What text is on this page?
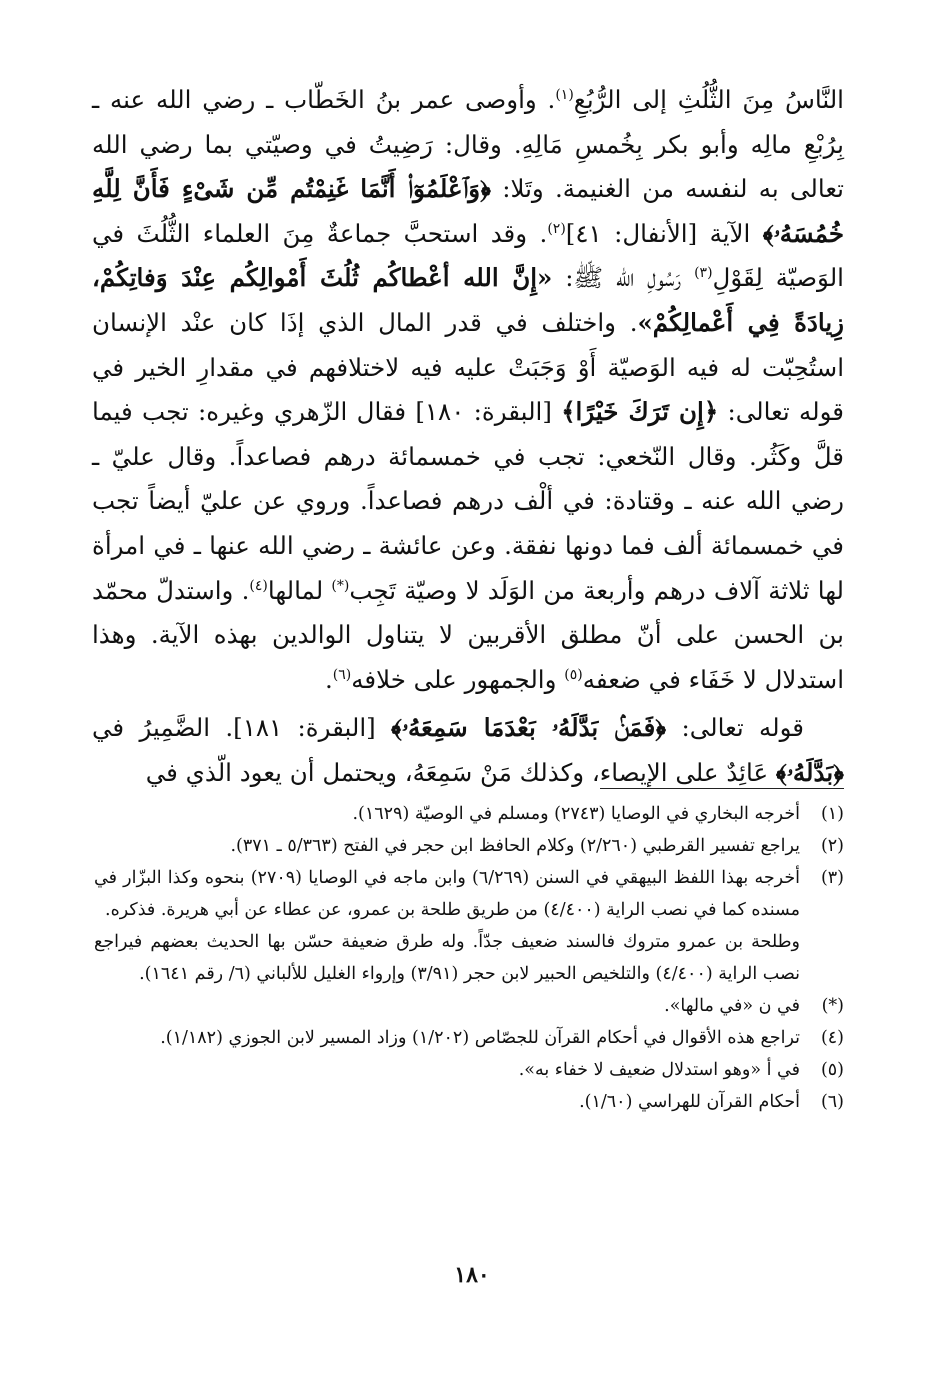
النَّاسُ مِنَ الثُّلُثِ إلى الرُّبُعِ$^{(١)}$. وأوصى عمر بنُ الخَطّاب ـ رضي الله عنه ـ بِرُبْعِ مالِه وأبو بكر بِخُمسِ مَالِهِ. وقال: رَضِيتُ في وصيّتي بما رضي الله تعالى به لنفسه من الغنيمة. وتَلا: ﴿وَٱعْلَمُوٓا۟ أَنَّمَا غَنِمْتُم مِّن شَىْءٍ فَأَنَّ لِلَّهِ خُمُسَهُۥ﴾ الآية [الأنفال: ٤١]$^{(٢)}$. وقد استحبَّ جماعةٌ مِنَ العلماء الثُّلُثَ في الوَصيّة لِقَوْلِ$^{(٣)}$ رَسُولِ الله ﷺ: «إِنَّ الله أعْطاكُم ثُلُثَ أَمْوالِكُم عِنْدَ وَفاتِكُمْ، زِيادَةً فِي أَعْمالِكُمْ». واختلف في قدر المال الذي إذَا كان عنْد الإنسان استُحِبّت له فيه الوَصيّة أَوْ وَجَبَتْ عليه فيه لاختلافهم في مقدارِ الخير في قوله تعالى: ﴿إِن تَرَكَ خَيْرًا﴾ [البقرة: ١٨٠] فقال الزّهري وغيره: تجب فيما قلَّ وكَثُر. وقال النّخعي: تجب في خمسمائة درهم فصاعداً. وقال عليّ ـ رضي الله عنه ـ وقتادة: في ألْف درهم فصاعداً. وروي عن عليّ أيضاً تجب في خمسمائة ألف فما دونها نفقة. وعن عائشة ـ رضي الله عنها ـ في امرأة لها ثلاثة آلاف درهم وأربعة من الوَلَد لا وصيّة تَجِب(*) لمالها$^{(٤)}$. واستدلّ محمّد بن الحسن على أنّ مطلق الأقربين لا يتناول الوالدين بهذه الآية. وهذا استدلال لا خَفَاء في ضعفه$^{(٥)}$ والجمهور على خلافه$^{(٦)}$.

قوله تعالى: ﴿فَمَنۢ بَدَّلَهُۥ بَعْدَمَا سَمِعَهُۥ﴾ [البقرة: ١٨١]. الضَّمِيرُ في ﴿بَدَّلَهُۥ﴾ عَائِدٌ على الإيصاء، وكذلك مَنْ سَمِعَهُ، ويحتمل أن يعود الّذي في

(١)
أخرجه البخاري في الوصايا (٢٧٤٣) ومسلم في الوصيّة (١٦٢٩).
(٢)
يراجع تفسير القرطبي (٢/٢٦٠) وكلام الحافظ ابن حجر في الفتح (٥/٣٦٣ ـ ٣٧١).
(٣)
أخرجه بهذا اللفظ البيهقي في السنن (٦/٢٦٩) وابن ماجه في الوصايا (٢٧٠٩) بنحوه وكذا البزّار في مسنده كما في نصب الراية (٤/٤٠٠) من طريق طلحة بن عمرو، عن عطاء عن أبي هريرة. فذكره.
وطلحة بن عمرو متروك فالسند ضعيف جدّاً. وله طرق ضعيفة حسّن بها الحديث بعضهم فيراجع نصب الراية (٤/٤٠٠) والتلخيص الحبير لابن حجر (٣/٩١) وإرواء الغليل للألباني (٦/ رقم ١٦٤١).
(*)
في ن «في مالها».
(٤)
تراجع هذه الأقوال في أحكام القرآن للجصّاص (١/٢٠٢) وزاد المسير لابن الجوزي (١/١٨٢).
(٥)
في أ «وهو استدلال ضعيف لا خفاء به».
(٦)
أحكام القرآن للهراسي (١/٦٠).
١٨٠
